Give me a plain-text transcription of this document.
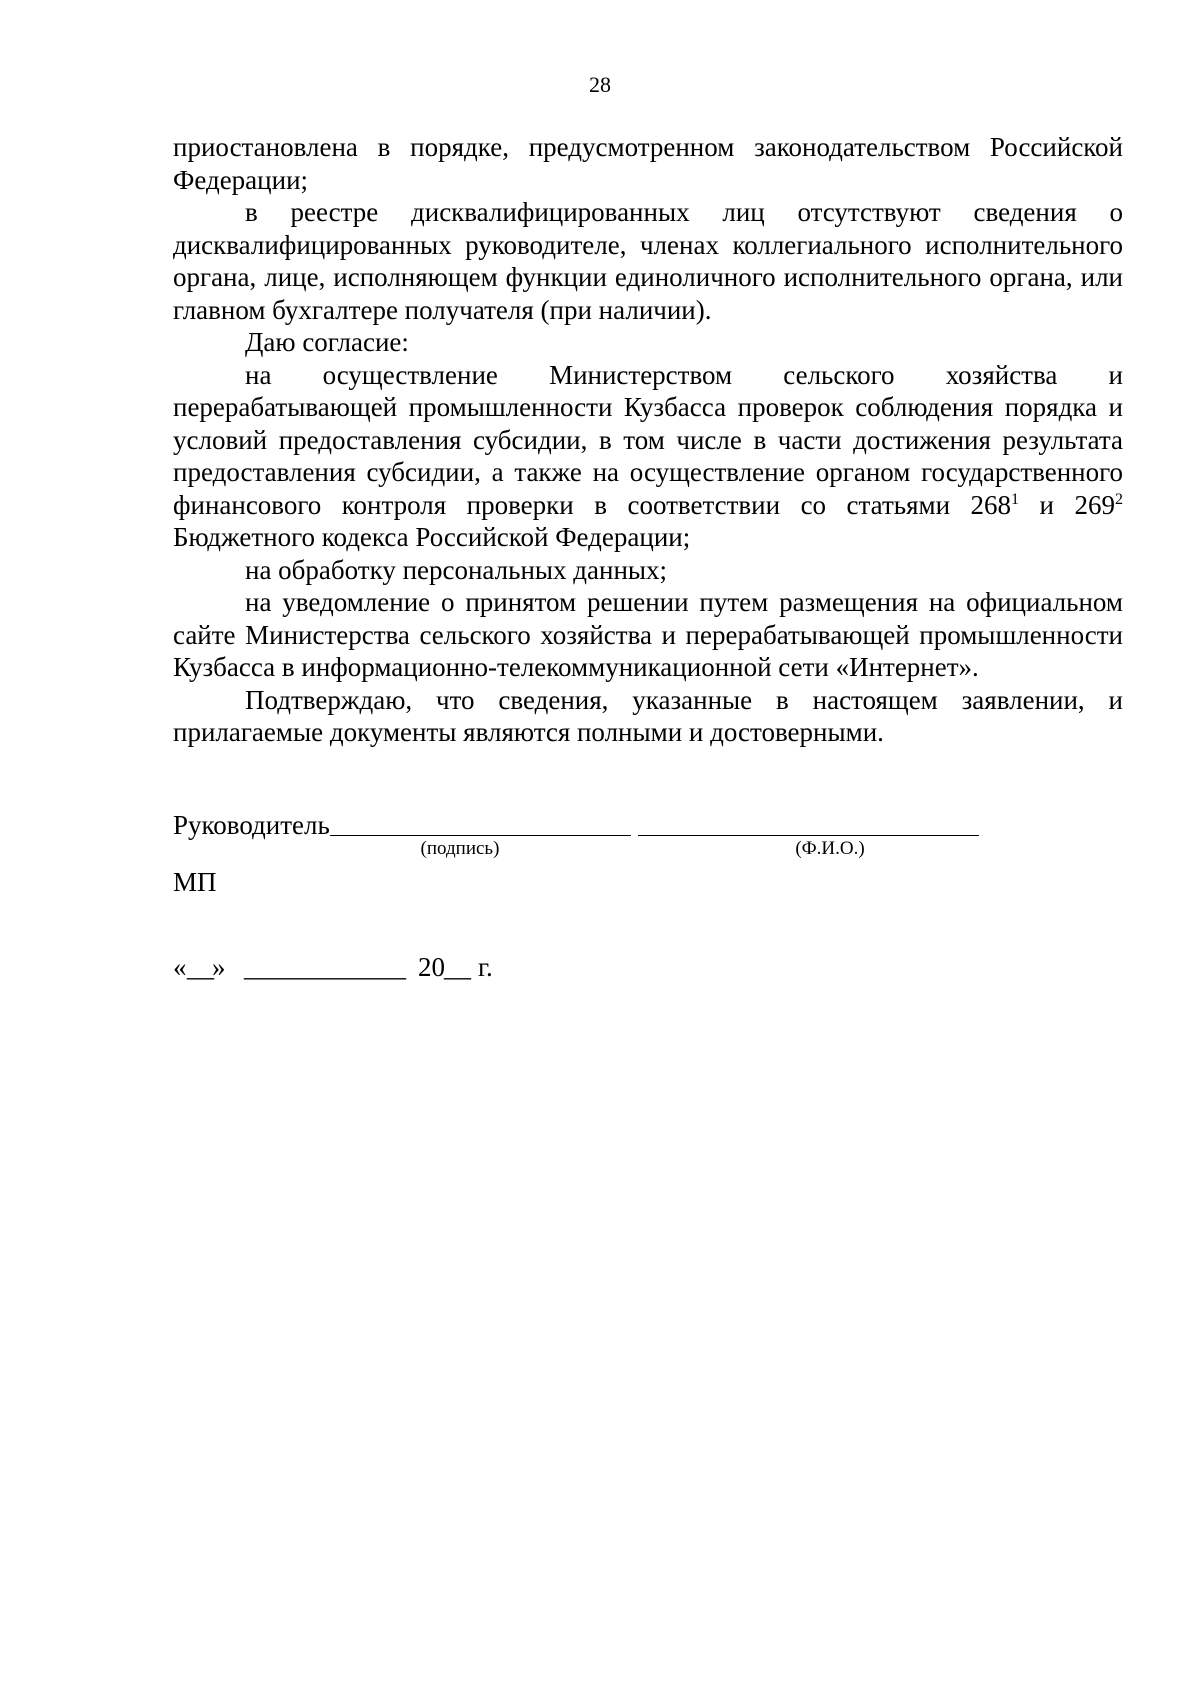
28

приостановлена в порядке, предусмотренном законодательством Российской Федерации;

в реестре дисквалифицированных лиц отсутствуют сведения о дисквалифицированных руководителе, членах коллегиального исполнительного органа, лице, исполняющем функции единоличного исполнительного органа, или главном бухгалтере получателя (при наличии).

Даю согласие:

на осуществление Министерством сельского хозяйства и перерабатывающей промышленности Кузбасса проверок соблюдения порядка и условий предоставления субсидии, в том числе в части достижения результата предоставления субсидии, а также на осуществление органом государственного финансового контроля проверки в соответствии со статьями $268^1$ и $269^2$ Бюджетного кодекса Российской Федерации;

на обработку персональных данных;

на уведомление о принятом решении путем размещения на официальном сайте Министерства сельского хозяйства и перерабатывающей промышленности Кузбасса в информационно-телекоммуникационной сети «Интернет».

Подтверждаю, что сведения, указанные в настоящем заявлении, и прилагаемые документы являются полными и достоверными.

Руководитель
(подпись)	(Ф.И.О.)
МП
« __
» ____________ 20 __ г.
